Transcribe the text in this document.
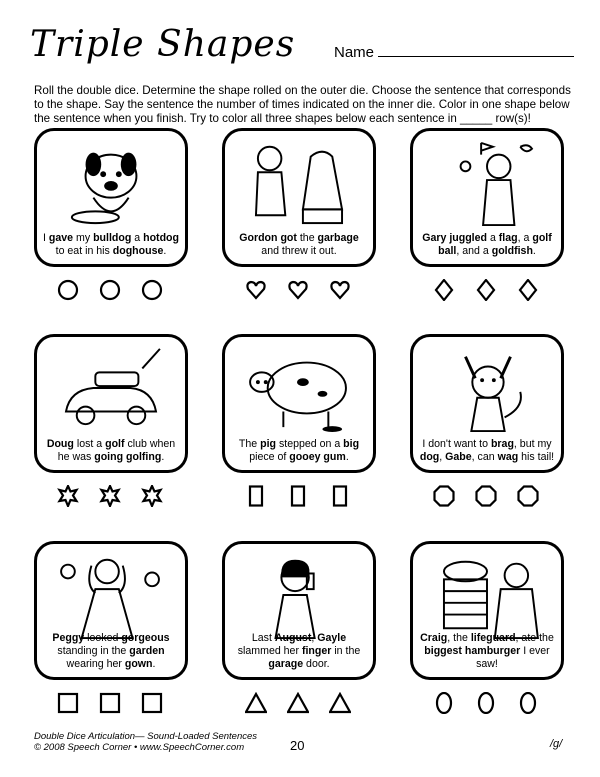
Triple Shapes	Name
Roll the double dice. Determine the shape rolled on the outer die. Choose the sentence that corresponds to the shape. Say the sentence the number of times indicated on the inner die. Color in one shape below the sentence when you finish. Try to color all three shapes below each sentence in _____ row(s)!
I gave my bulldog a hotdog to eat in his doghouse.
Gordon got the garbage and threw it out.
Gary juggled a flag, a golf ball, and a goldfish.
Doug lost a golf club when he was going golfing.
The pig stepped on a big piece of gooey gum.
I don't want to brag, but my dog, Gabe, can wag his tail!
Peggy looked gorgeous standing in the garden wearing her gown.
Last August, Gayle slammed her finger in the garage door.
Craig, the lifeguard, ate the biggest hamburger I ever saw!
Double Dice Articulation— Sound-Loaded Sentences
© 2008 Speech Corner • www.SpeechCorner.com	20	/g/
